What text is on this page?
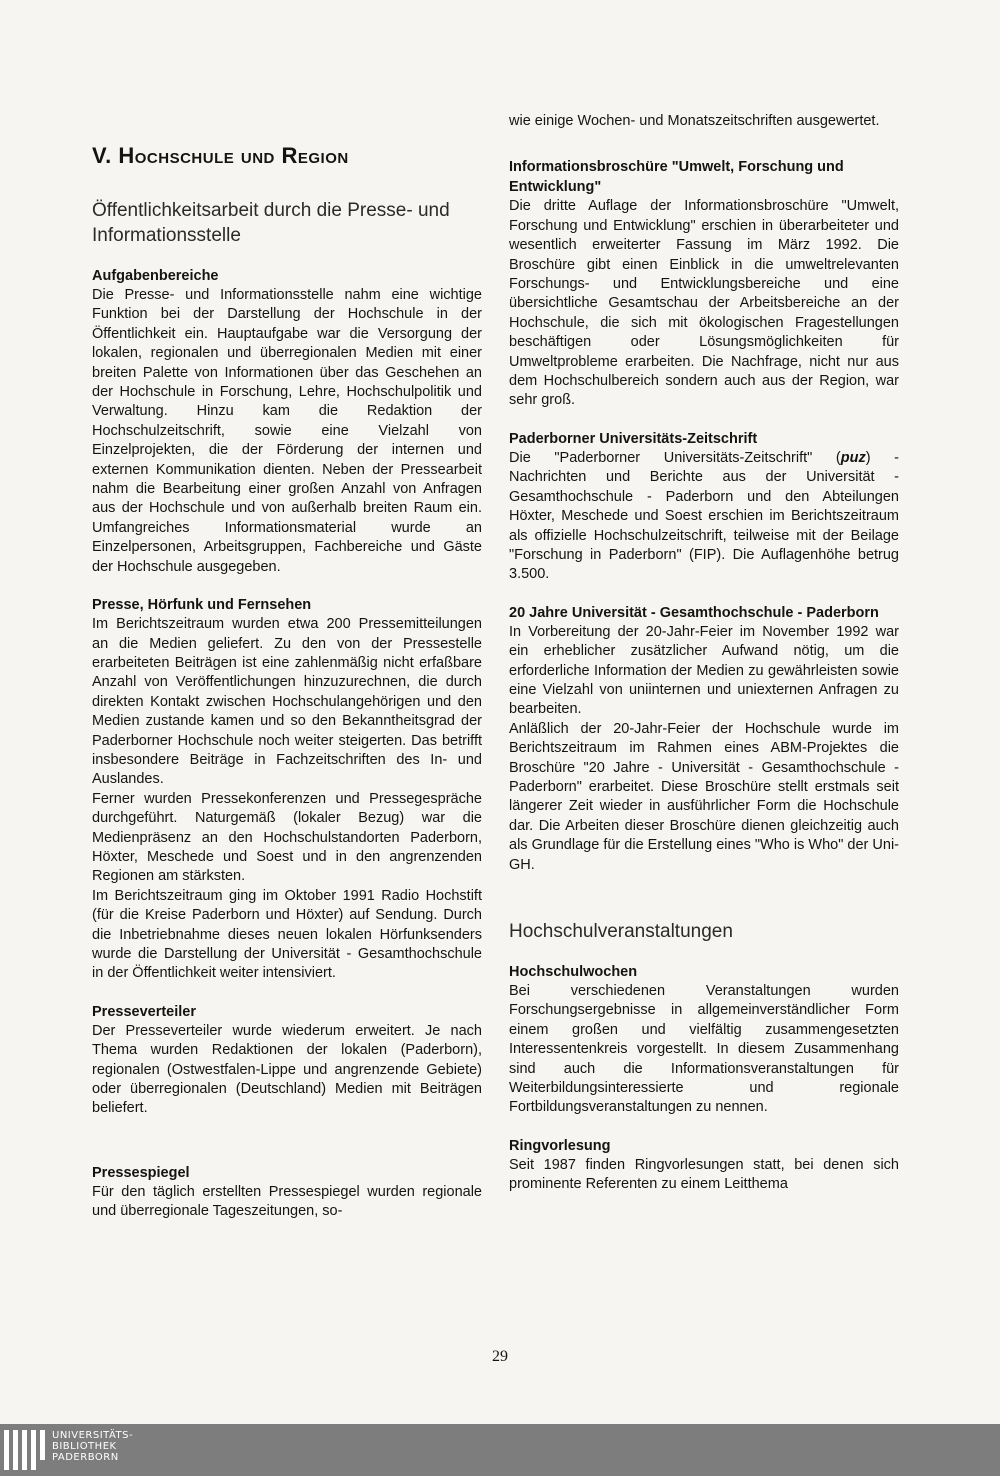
V. Hochschule und Region
Öffentlichkeitsarbeit durch die Presse- und Informationsstelle
Aufgabenbereiche

Die Presse- und Informationsstelle nahm eine wichtige Funktion bei der Darstellung der Hochschule in der Öffentlichkeit ein. Hauptaufgabe war die Versorgung der lokalen, regionalen und überregionalen Medien mit einer breiten Palette von Informationen über das Geschehen an der Hochschule in Forschung, Lehre, Hochschulpolitik und Verwaltung. Hinzu kam die Redaktion der Hochschulzeitschrift, sowie eine Vielzahl von Einzelprojekten, die der Förderung der internen und externen Kommunikation dienten. Neben der Pressearbeit nahm die Bearbeitung einer großen Anzahl von Anfragen aus der Hochschule und von außerhalb breiten Raum ein. Umfangreiches Informationsmaterial wurde an Einzelpersonen, Arbeitsgruppen, Fachbereiche und Gäste der Hochschule ausgegeben.

Presse, Hörfunk und Fernsehen

Im Berichtszeitraum wurden etwa 200 Pressemitteilungen an die Medien geliefert. Zu den von der Pressestelle erarbeiteten Beiträgen ist eine zahlenmäßig nicht erfaßbare Anzahl von Veröffentlichungen hinzuzurechnen, die durch direkten Kontakt zwischen Hochschulangehörigen und den Medien zustande kamen und so den Bekanntheitsgrad der Paderborner Hochschule noch weiter steigerten. Das betrifft insbesondere Beiträge in Fachzeitschriften des In- und Auslandes.

Ferner wurden Pressekonferenzen und Pressegespräche durchgeführt. Naturgemäß (lokaler Bezug) war die Medienpräsenz an den Hochschulstandorten Paderborn, Höxter, Meschede und Soest und in den angrenzenden Regionen am stärksten.

Im Berichtszeitraum ging im Oktober 1991 Radio Hochstift (für die Kreise Paderborn und Höxter) auf Sendung. Durch die Inbetriebnahme dieses neuen lokalen Hörfunksenders wurde die Darstellung der Universität - Gesamthochschule in der Öffentlichkeit weiter intensiviert.

Presseverteiler

Der Presseverteiler wurde wiederum erweitert. Je nach Thema wurden Redaktionen der lokalen (Paderborn), regionalen (Ostwestfalen-Lippe und angrenzende Gebiete) oder überregionalen (Deutschland) Medien mit Beiträgen beliefert.

Pressespiegel

Für den täglich erstellten Pressespiegel wurden regionale und überregionale Tageszeitungen, so-

wie einige Wochen- und Monatszeitschriften ausgewertet.

Informationsbroschüre "Umwelt, Forschung und Entwicklung"

Die dritte Auflage der Informationsbroschüre "Umwelt, Forschung und Entwicklung" erschien in überarbeiteter und wesentlich erweiterter Fassung im März 1992. Die Broschüre gibt einen Einblick in die umweltrelevanten Forschungs- und Entwicklungsbereiche und eine übersichtliche Gesamtschau der Arbeitsbereiche an der Hochschule, die sich mit ökologischen Fragestellungen beschäftigen oder Lösungsmöglichkeiten für Umweltprobleme erarbeiten. Die Nachfrage, nicht nur aus dem Hochschulbereich sondern auch aus der Region, war sehr groß.

Paderborner Universitäts-Zeitschrift

Die "Paderborner Universitäts-Zeitschrift" (puz) - Nachrichten und Berichte aus der Universität - Gesamthochschule - Paderborn und den Abteilungen Höxter, Meschede und Soest erschien im Berichtszeitraum als offizielle Hochschulzeitschrift, teilweise mit der Beilage "Forschung in Paderborn" (FIP). Die Auflagenhöhe betrug 3.500.

20 Jahre Universität - Gesamthochschule - Paderborn

In Vorbereitung der 20-Jahr-Feier im November 1992 war ein erheblicher zusätzlicher Aufwand nötig, um die erforderliche Information der Medien zu gewährleisten sowie eine Vielzahl von uniinternen und uniexternen Anfragen zu bearbeiten.

Anläßlich der 20-Jahr-Feier der Hochschule wurde im Berichtszeitraum im Rahmen eines ABM-Projektes die Broschüre "20 Jahre - Universität - Gesamthochschule - Paderborn" erarbeitet. Diese Broschüre stellt erstmals seit längerer Zeit wieder in ausführlicher Form die Hochschule dar. Die Arbeiten dieser Broschüre dienen gleichzeitig auch als Grundlage für die Erstellung eines "Who is Who" der Uni-GH.

Hochschulveranstaltungen
Hochschulwochen

Bei verschiedenen Veranstaltungen wurden Forschungsergebnisse in allgemeinverständlicher Form einem großen und vielfältig zusammengesetzten Interessentenkreis vorgestellt. In diesem Zusammenhang sind auch die Informationsveranstaltungen für Weiterbildungsinteressierte und regionale Fortbildungsveranstaltungen zu nennen.

Ringvorlesung

Seit 1987 finden Ringvorlesungen statt, bei denen sich prominente Referenten zu einem Leitthema

29
UNIVERSITÄTS-
BIBLIOTHEK
PADERBORN
